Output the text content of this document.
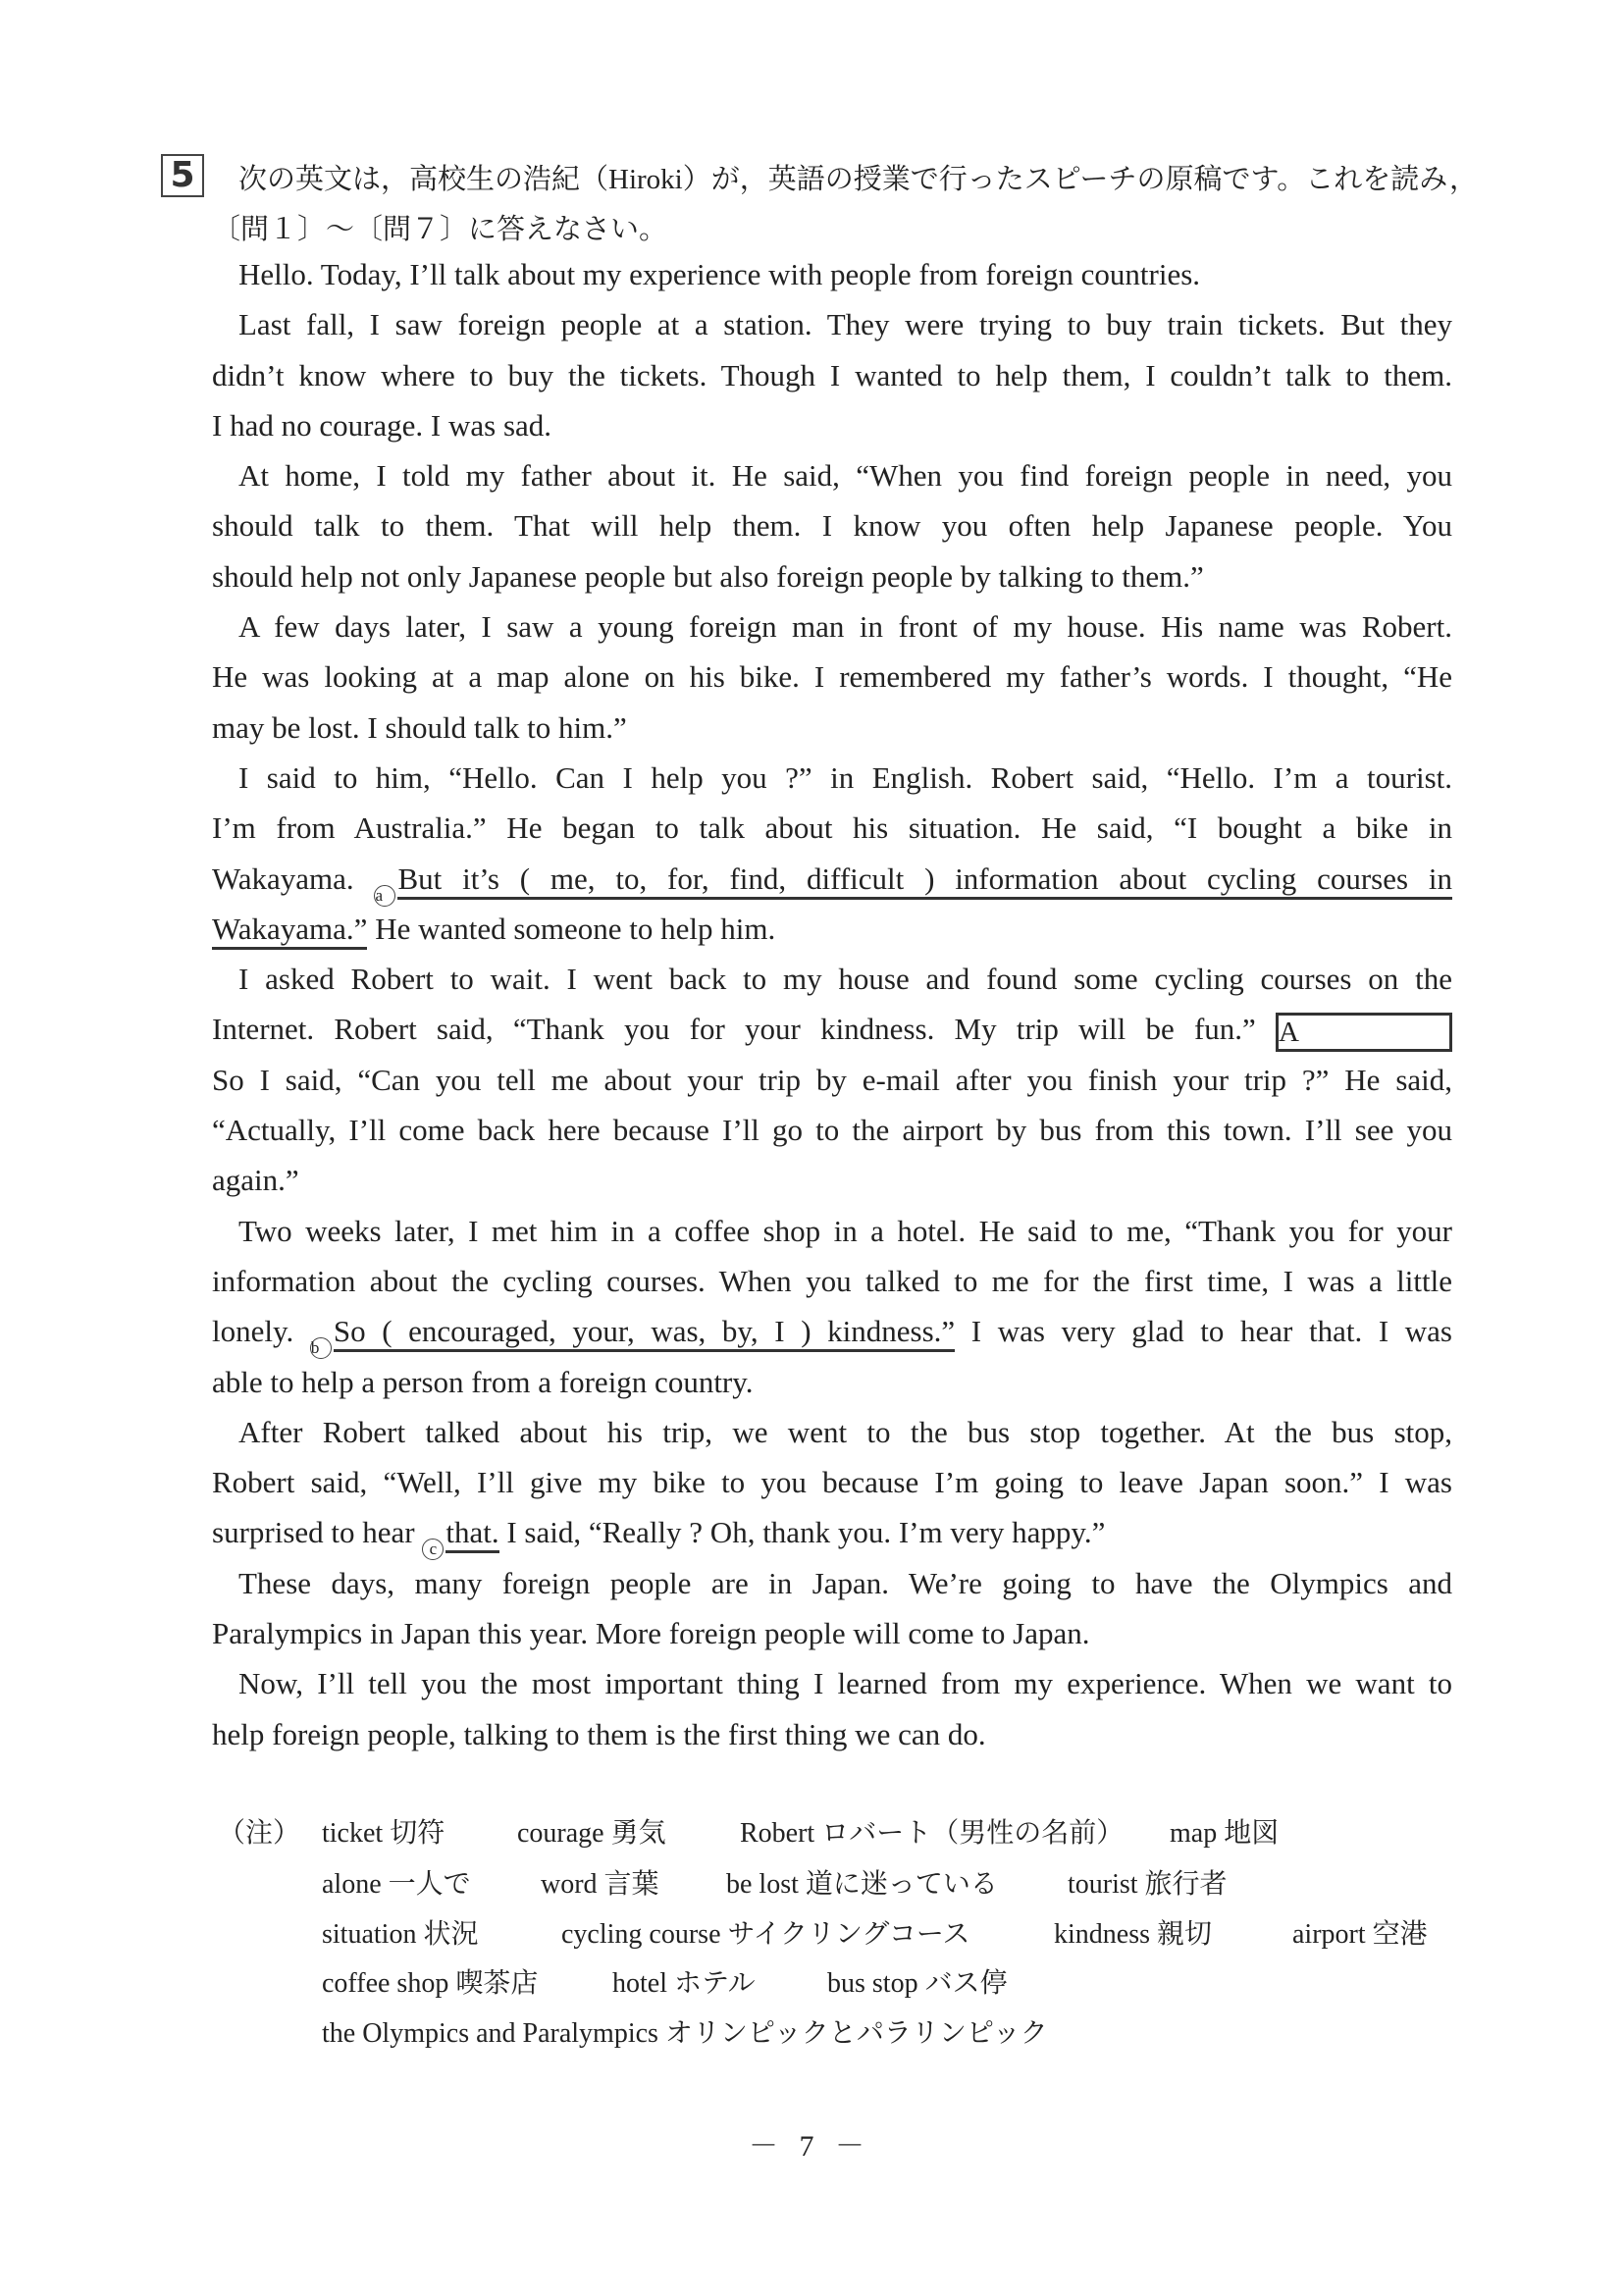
5	次の英文は，高校生の浩紀（Hiroki）が，英語の授業で行ったスピーチの原稿です。これを読み，
〔問１〕～〔問７〕に答えなさい。
Hello. Today, I’ll talk about my experience with people from foreign countries.
Last fall, I saw foreign people at a station. They were trying to buy train tickets. But they
didn’t know where to buy the tickets. Though I wanted to help them, I couldn’t talk to them.
I had no courage. I was sad.
At home, I told my father about it. He said, “When you find foreign people in need, you
should talk to them. That will help them. I know you often help Japanese people. You
should help not only Japanese people but also foreign people by talking to them.”
A few days later, I saw a young foreign man in front of my house. His name was Robert.
He was looking at a map alone on his bike. I remembered my father’s words. I thought, “He
may be lost. I should talk to him.”
I said to him, “Hello. Can I help you ?” in English. Robert said, “Hello. I’m a tourist.
I’m from Australia.” He began to talk about his situation. He said, “I bought a bike in
Wakayama. a But it’s ( me, to, for, find, difficult ) information about cycling courses in
Wakayama.” He wanted someone to help him.
I asked Robert to wait. I went back to my house and found some cycling courses on the
Internet. Robert said, “Thank you for your kindness. My trip will be fun.” A
So I said, “Can you tell me about your trip by e-mail after you finish your trip ?” He said,
“Actually, I’ll come back here because I’ll go to the airport by bus from this town. I’ll see you
again.”
Two weeks later, I met him in a coffee shop in a hotel. He said to me, “Thank you for your
information about the cycling courses. When you talked to me for the first time, I was a little
lonely. b So ( encouraged, your, was, by, I ) kindness.” I was very glad to hear that. I was
able to help a person from a foreign country.
After Robert talked about his trip, we went to the bus stop together. At the bus stop,
Robert said, “Well, I’ll give my bike to you because I’m going to leave Japan soon.” I was
surprised to hear c that. I said, “Really ? Oh, thank you. I’m very happy.”
These days, many foreign people are in Japan. We’re going to have the Olympics and
Paralympics in Japan this year. More foreign people will come to Japan.
Now, I’ll tell you the most important thing I learned from my experience. When we want to
help foreign people, talking to them is the first thing we can do.
（注） ticket 切符	courage 勇気	Robert ロバート（男性の名前） map 地図
alone 一人で	word 言葉 be lost 道に迷っている	tourist 旅行者
situation 状況	cycling course サイクリングコース	kindness 親切	airport 空港
coffee shop 喫茶店	hotel ホテル	bus stop バス停
the Olympics and Paralympics オリンピックとパラリンピック
－ 7 －
